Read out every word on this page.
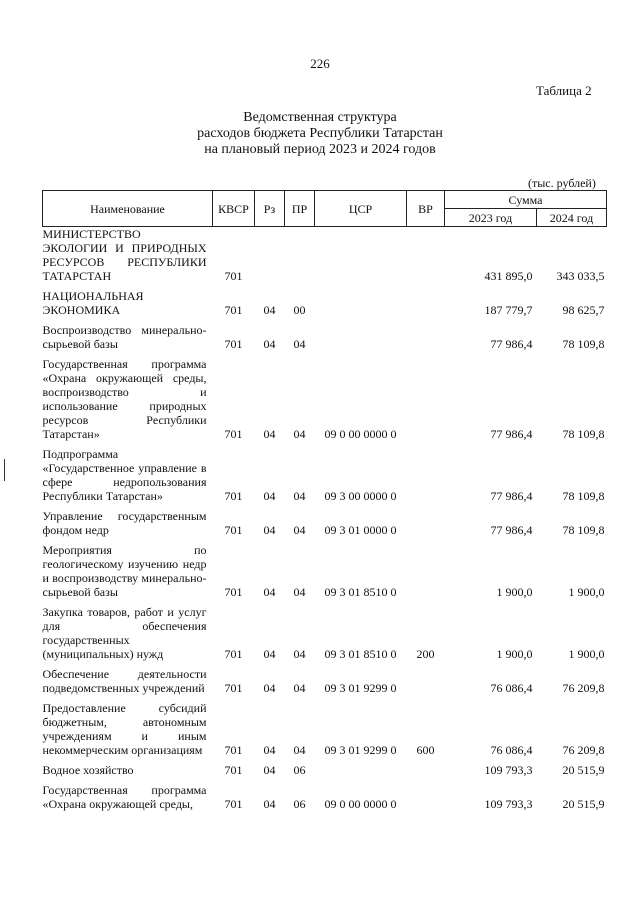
226
Таблица 2
Ведомственная структура
расходов бюджета Республики Татарстан
на плановый период 2023 и 2024 годов
(тыс. рублей)
Наименование	КВСР	Рз	ПР	ЦСР	ВР	Сумма	
						2023 год	2024 год
МИНИСТЕРСТВО ЭКОЛОГИИ И ПРИРОДНЫХ РЕСУРСОВ РЕСПУБЛИКИ ТАТАРСТАН	701					431 895,0	343 033,5
НАЦИОНАЛЬНАЯ ЭКОНОМИКА	701	04	00			187 779,7	98 625,7
Воспроизводство минерально-сырьевой базы	701	04	04			77 986,4	78 109,8
Государственная программа «Охрана окружающей среды, воспроизводство и использование природных ресурсов Республики Татарстан»	701	04	04	09 0 00 0000 0		77 986,4	78 109,8
Подпрограмма «Государственное управление в сфере недропользования Республики Татарстан»	701	04	04	09 3 00 0000 0		77 986,4	78 109,8
Управление государственным фондом недр	701	04	04	09 3 01 0000 0		77 986,4	78 109,8
Мероприятия по геологическому изучению недр и воспроизводству минерально-сырьевой базы	701	04	04	09 3 01 8510 0		1 900,0	1 900,0
Закупка товаров, работ и услуг для обеспечения государственных (муниципальных) нужд	701	04	04	09 3 01 8510 0	200	1 900,0	1 900,0
Обеспечение деятельности подведомственных учреждений	701	04	04	09 3 01 9299 0		76 086,4	76 209,8
Предоставление субсидий бюджетным, автономным учреждениям и иным некоммерческим организациям	701	04	04	09 3 01 9299 0	600	76 086,4	76 209,8
Водное хозяйство	701	04	06			109 793,3	20 515,9
Государственная программа «Охрана окружающей среды,	701	04	06	09 0 00 0000 0		109 793,3	20 515,9
